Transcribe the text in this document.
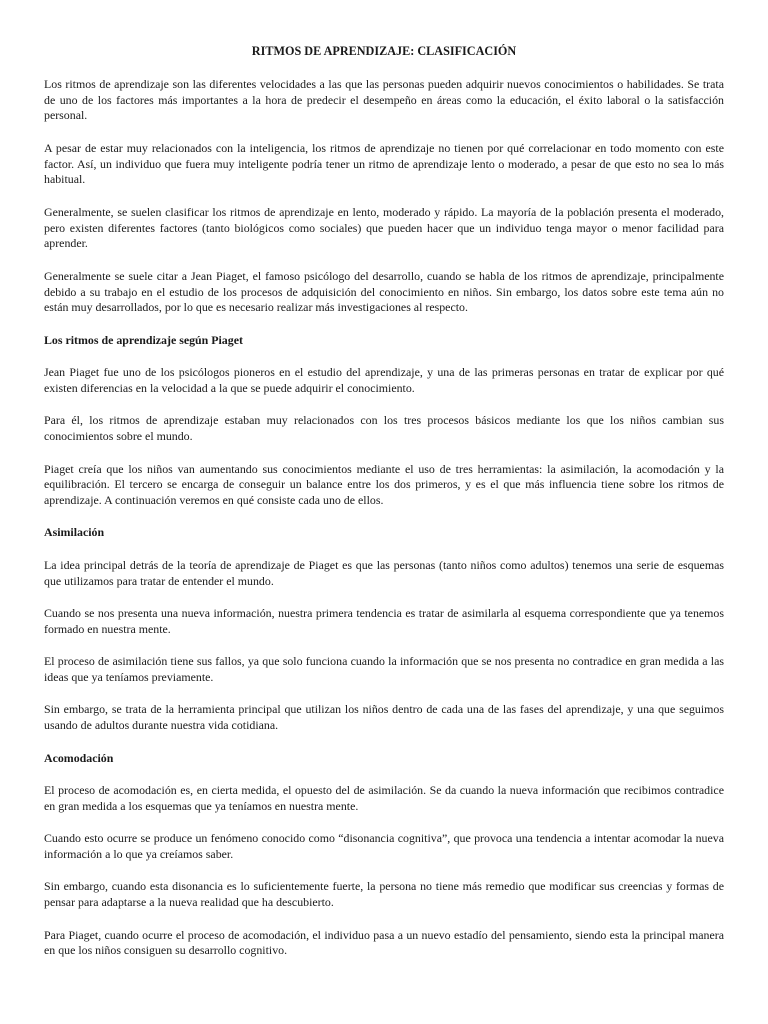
RITMOS DE APRENDIZAJE: CLASIFICACIÓN

Los ritmos de aprendizaje son las diferentes velocidades a las que las personas pueden adquirir nuevos conocimientos o habilidades. Se trata de uno de los factores más importantes a la hora de predecir el desempeño en áreas como la educación, el éxito laboral o la satisfacción personal.

A pesar de estar muy relacionados con la inteligencia, los ritmos de aprendizaje no tienen por qué correlacionar en todo momento con este factor. Así, un individuo que fuera muy inteligente podría tener un ritmo de aprendizaje lento o moderado, a pesar de que esto no sea lo más habitual.

Generalmente, se suelen clasificar los ritmos de aprendizaje en lento, moderado y rápido. La mayoría de la población presenta el moderado, pero existen diferentes factores (tanto biológicos como sociales) que pueden hacer que un individuo tenga mayor o menor facilidad para aprender.

Generalmente se suele citar a Jean Piaget, el famoso psicólogo del desarrollo, cuando se habla de los ritmos de aprendizaje, principalmente debido a su trabajo en el estudio de los procesos de adquisición del conocimiento en niños. Sin embargo, los datos sobre este tema aún no están muy desarrollados, por lo que es necesario realizar más investigaciones al respecto.

Los ritmos de aprendizaje según Piaget

Jean Piaget fue uno de los psicólogos pioneros en el estudio del aprendizaje, y una de las primeras personas en tratar de explicar por qué existen diferencias en la velocidad a la que se puede adquirir el conocimiento.

Para él, los ritmos de aprendizaje estaban muy relacionados con los tres procesos básicos mediante los que los niños cambian sus conocimientos sobre el mundo.

Piaget creía que los niños van aumentando sus conocimientos mediante el uso de tres herramientas: la asimilación, la acomodación y la equilibración. El tercero se encarga de conseguir un balance entre los dos primeros, y es el que más influencia tiene sobre los ritmos de aprendizaje. A continuación veremos en qué consiste cada uno de ellos.

Asimilación

La idea principal detrás de la teoría de aprendizaje de Piaget es que las personas (tanto niños como adultos) tenemos una serie de esquemas que utilizamos para tratar de entender el mundo.

Cuando se nos presenta una nueva información, nuestra primera tendencia es tratar de asimilarla al esquema correspondiente que ya tenemos formado en nuestra mente.

El proceso de asimilación tiene sus fallos, ya que solo funciona cuando la información que se nos presenta no contradice en gran medida a las ideas que ya teníamos previamente.

Sin embargo, se trata de la herramienta principal que utilizan los niños dentro de cada una de las fases del aprendizaje, y una que seguimos usando de adultos durante nuestra vida cotidiana.

Acomodación

El proceso de acomodación es, en cierta medida, el opuesto del de asimilación. Se da cuando la nueva información que recibimos contradice en gran medida a los esquemas que ya teníamos en nuestra mente.

Cuando esto ocurre se produce un fenómeno conocido como “disonancia cognitiva”, que provoca una tendencia a intentar acomodar la nueva información a lo que ya creíamos saber.

Sin embargo, cuando esta disonancia es lo suficientemente fuerte, la persona no tiene más remedio que modificar sus creencias y formas de pensar para adaptarse a la nueva realidad que ha descubierto.

Para Piaget, cuando ocurre el proceso de acomodación, el individuo pasa a un nuevo estadío del pensamiento, siendo esta la principal manera en que los niños consiguen su desarrollo cognitivo.
